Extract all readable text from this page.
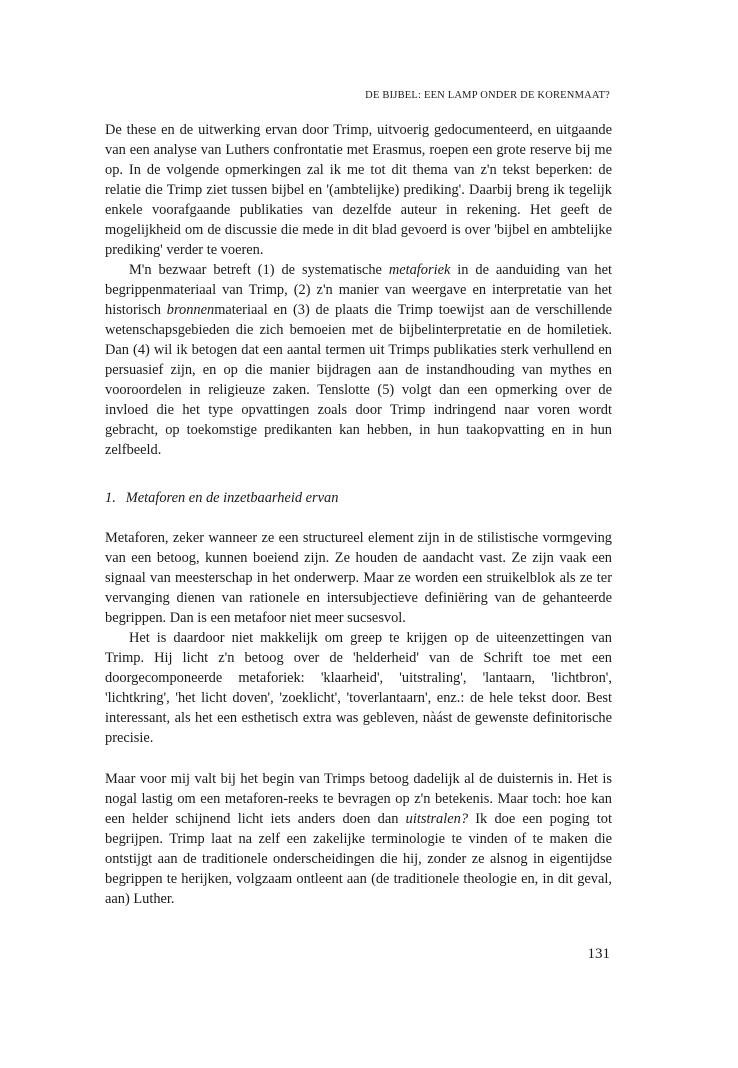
DE BIJBEL: EEN LAMP ONDER DE KORENMAAT?

De these en de uitwerking ervan door Trimp, uitvoerig gedocumenteerd, en uitgaande van een analyse van Luthers confrontatie met Erasmus, roepen een grote reserve bij me op. In de volgende opmerkingen zal ik me tot dit thema van z'n tekst beperken: de relatie die Trimp ziet tussen bijbel en '(ambtelijke) prediking'. Daarbij breng ik tegelijk enkele voorafgaande publikaties van dezelfde auteur in rekening. Het geeft de mogelijkheid om de discussie die mede in dit blad gevoerd is over 'bijbel en ambtelijke prediking' verder te voeren.

M'n bezwaar betreft (1) de systematische metaforiek in de aanduiding van het begrippenmateriaal van Trimp, (2) z'n manier van weergave en interpretatie van het historisch bronnenmateriaal en (3) de plaats die Trimp toewijst aan de verschillende wetenschapsgebieden die zich bemoeien met de bijbelinterpretatie en de homiletiek. Dan (4) wil ik betogen dat een aantal termen uit Trimps publikaties sterk verhullend en persuasief zijn, en op die manier bijdragen aan de instandhouding van mythes en vooroordelen in religieuze zaken. Tenslotte (5) volgt dan een opmerking over de invloed die het type opvattingen zoals door Trimp indringend naar voren wordt gebracht, op toekomstige predikanten kan hebben, in hun taakopvatting en in hun zelfbeeld.

1. Metaforen en de inzetbaarheid ervan

Metaforen, zeker wanneer ze een structureel element zijn in de stilistische vormgeving van een betoog, kunnen boeiend zijn. Ze houden de aandacht vast. Ze zijn vaak een signaal van meesterschap in het onderwerp. Maar ze worden een struikelblok als ze ter vervanging dienen van rationele en intersubjectieve definiëring van de gehanteerde begrippen. Dan is een metafoor niet meer sucsesvol.

Het is daardoor niet makkelijk om greep te krijgen op de uiteenzettingen van Trimp. Hij licht z'n betoog over de 'helderheid' van de Schrift toe met een doorgecomponeerde metaforiek: 'klaarheid', 'uitstraling', 'lantaarn, 'lichtbron', 'lichtkring', 'het licht doven', 'zoeklicht', 'toverlantaarn', enz.: de hele tekst door. Best interessant, als het een esthetisch extra was gebleven, nàást de gewenste definitorische precisie.

Maar voor mij valt bij het begin van Trimps betoog dadelijk al de duisternis in. Het is nogal lastig om een metaforen-reeks te bevragen op z'n betekenis. Maar toch: hoe kan een helder schijnend licht iets anders doen dan uitstralen? Ik doe een poging tot begrijpen. Trimp laat na zelf een zakelijke terminologie te vinden of te maken die ontstijgt aan de traditionele onderscheidingen die hij, zonder ze alsnog in eigentijdse begrippen te herijken, volgzaam ontleent aan (de traditionele theologie en, in dit geval, aan) Luther.

131
